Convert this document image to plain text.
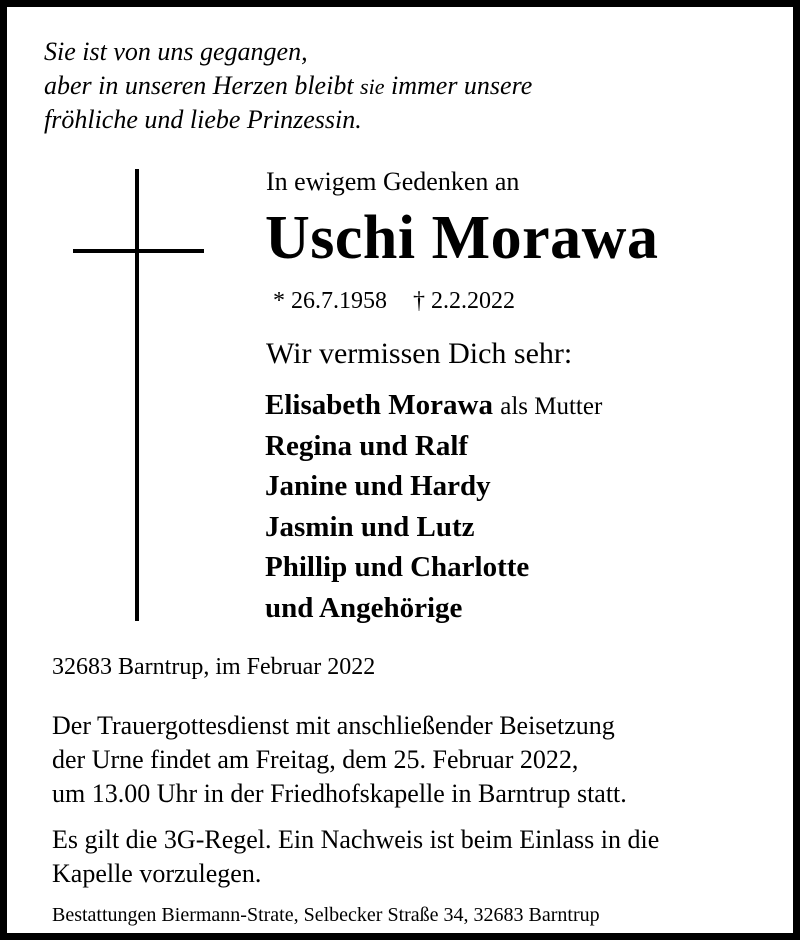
Sie ist von uns gegangen,
aber in unseren Herzen bleibt sie immer unsere
fröhliche und liebe Prinzessin.
In ewigem Gedenken an
Uschi Morawa
* 26.7.1958 † 2.2.2022
Wir vermissen Dich sehr:
Elisabeth Morawa als Mutter
Regina und Ralf
Janine und Hardy
Jasmin und Lutz
Phillip und Charlotte
und Angehörige
32683 Barntrup, im Februar 2022
Der Trauergottesdienst mit anschließender Beisetzung
der Urne findet am Freitag, dem 25. Februar 2022,
um 13.00 Uhr in der Friedhofskapelle in Barntrup statt.
Es gilt die 3G-Regel. Ein Nachweis ist beim Einlass in die
Kapelle vorzulegen.
Bestattungen Biermann-Strate, Selbecker Straße 34, 32683 Barntrup
